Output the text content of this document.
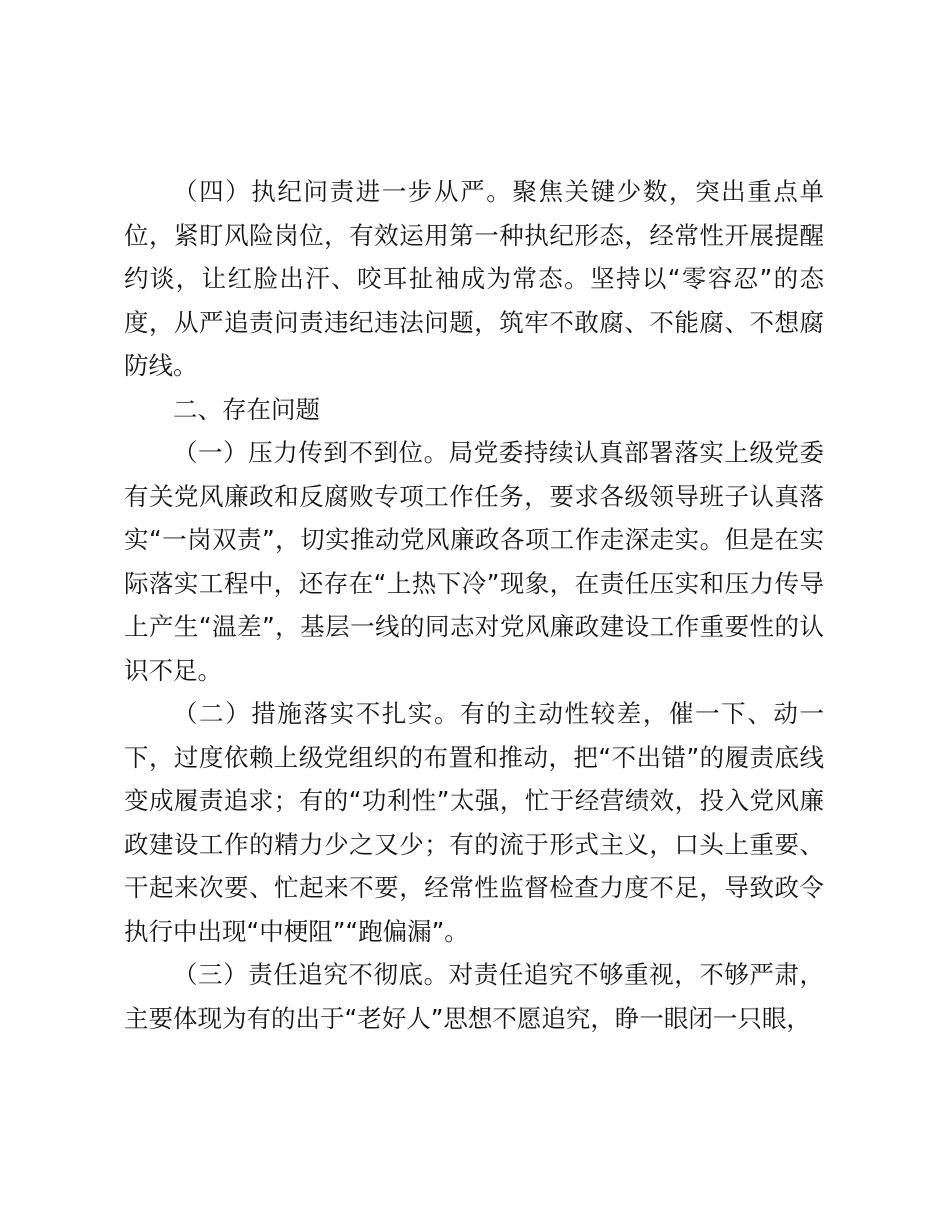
（四）执纪问责进一步从严。聚焦关键少数，突出重点单位，紧盯风险岗位，有效运用第一种执纪形态，经常性开展提醒约谈，让红脸出汗、咬耳扯袖成为常态。坚持以“零容忍”的态度，从严追责问责违纪违法问题，筑牢不敢腐、不能腐、不想腐防线。

二、存在问题

（一）压力传到不到位。局党委持续认真部署落实上级党委有关党风廉政和反腐败专项工作任务，要求各级领导班子认真落实“一岗双责”，切实推动党风廉政各项工作走深走实。但是在实际落实工程中，还存在“上热下冷”现象，在责任压实和压力传导上产生“温差”，基层一线的同志对党风廉政建设工作重要性的认识不足。

（二）措施落实不扎实。有的主动性较差，催一下、动一下，过度依赖上级党组织的布置和推动，把“不出错”的履责底线变成履责追求；有的“功利性”太强，忙于经营绩效，投入党风廉政建设工作的精力少之又少；有的流于形式主义，口头上重要、干起来次要、忙起来不要，经常性监督检查力度不足，导致政令执行中出现“中梗阻”“跑偏漏”。

（三）责任追究不彻底。对责任追究不够重视，不够严肃，主要体现为有的出于“老好人”思想不愿追究，睁一眼闭一只眼，
